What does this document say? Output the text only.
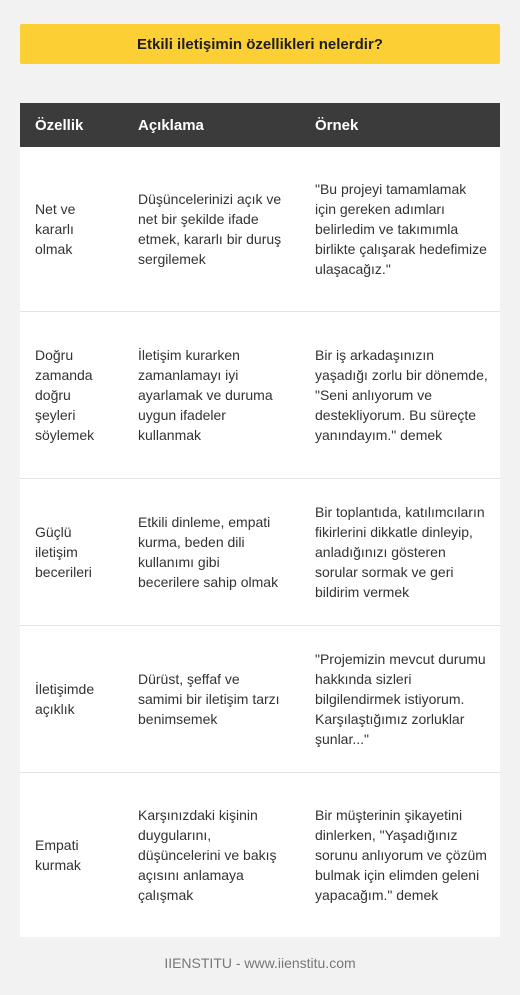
Etkili iletişimin özellikleri nelerdir?
Özellik	Açıklama	Örnek
Net ve kararlı olmak
Düşüncelerinizi açık ve net bir şekilde ifade etmek, kararlı bir duruş sergilemek
"Bu projeyi tamamlamak için gereken adımları belirledim ve takımımla birlikte çalışarak hedefimize ulaşacağız."
Doğru zamanda doğru şeyleri söylemek
İletişim kurarken zamanlamayı iyi ayarlamak ve duruma uygun ifadeler kullanmak
Bir iş arkadaşınızın yaşadığı zorlu bir dönemde, "Seni anlıyorum ve destekliyorum. Bu süreçte yanındayım." demek
Güçlü iletişim becerileri
Etkili dinleme, empati kurma, beden dili kullanımı gibi becerilere sahip olmak
Bir toplantıda, katılımcıların fikirlerini dikkatle dinleyip, anladığınızı gösteren sorular sormak ve geri bildirim vermek
İletişimde açıklık
Dürüst, şeffaf ve samimi bir iletişim tarzı benimsemek
"Projemizin mevcut durumu hakkında sizleri bilgilendirmek istiyorum. Karşılaştığımız zorluklar şunlar..."
Empati kurmak
Karşınızdaki kişinin duygularını, düşüncelerini ve bakış açısını anlamaya çalışmak
Bir müşterinin şikayetini dinlerken, "Yaşadığınız sorunu anlıyorum ve çözüm bulmak için elimden geleni yapacağım." demek
IIENSTITU - www.iienstitu.com
